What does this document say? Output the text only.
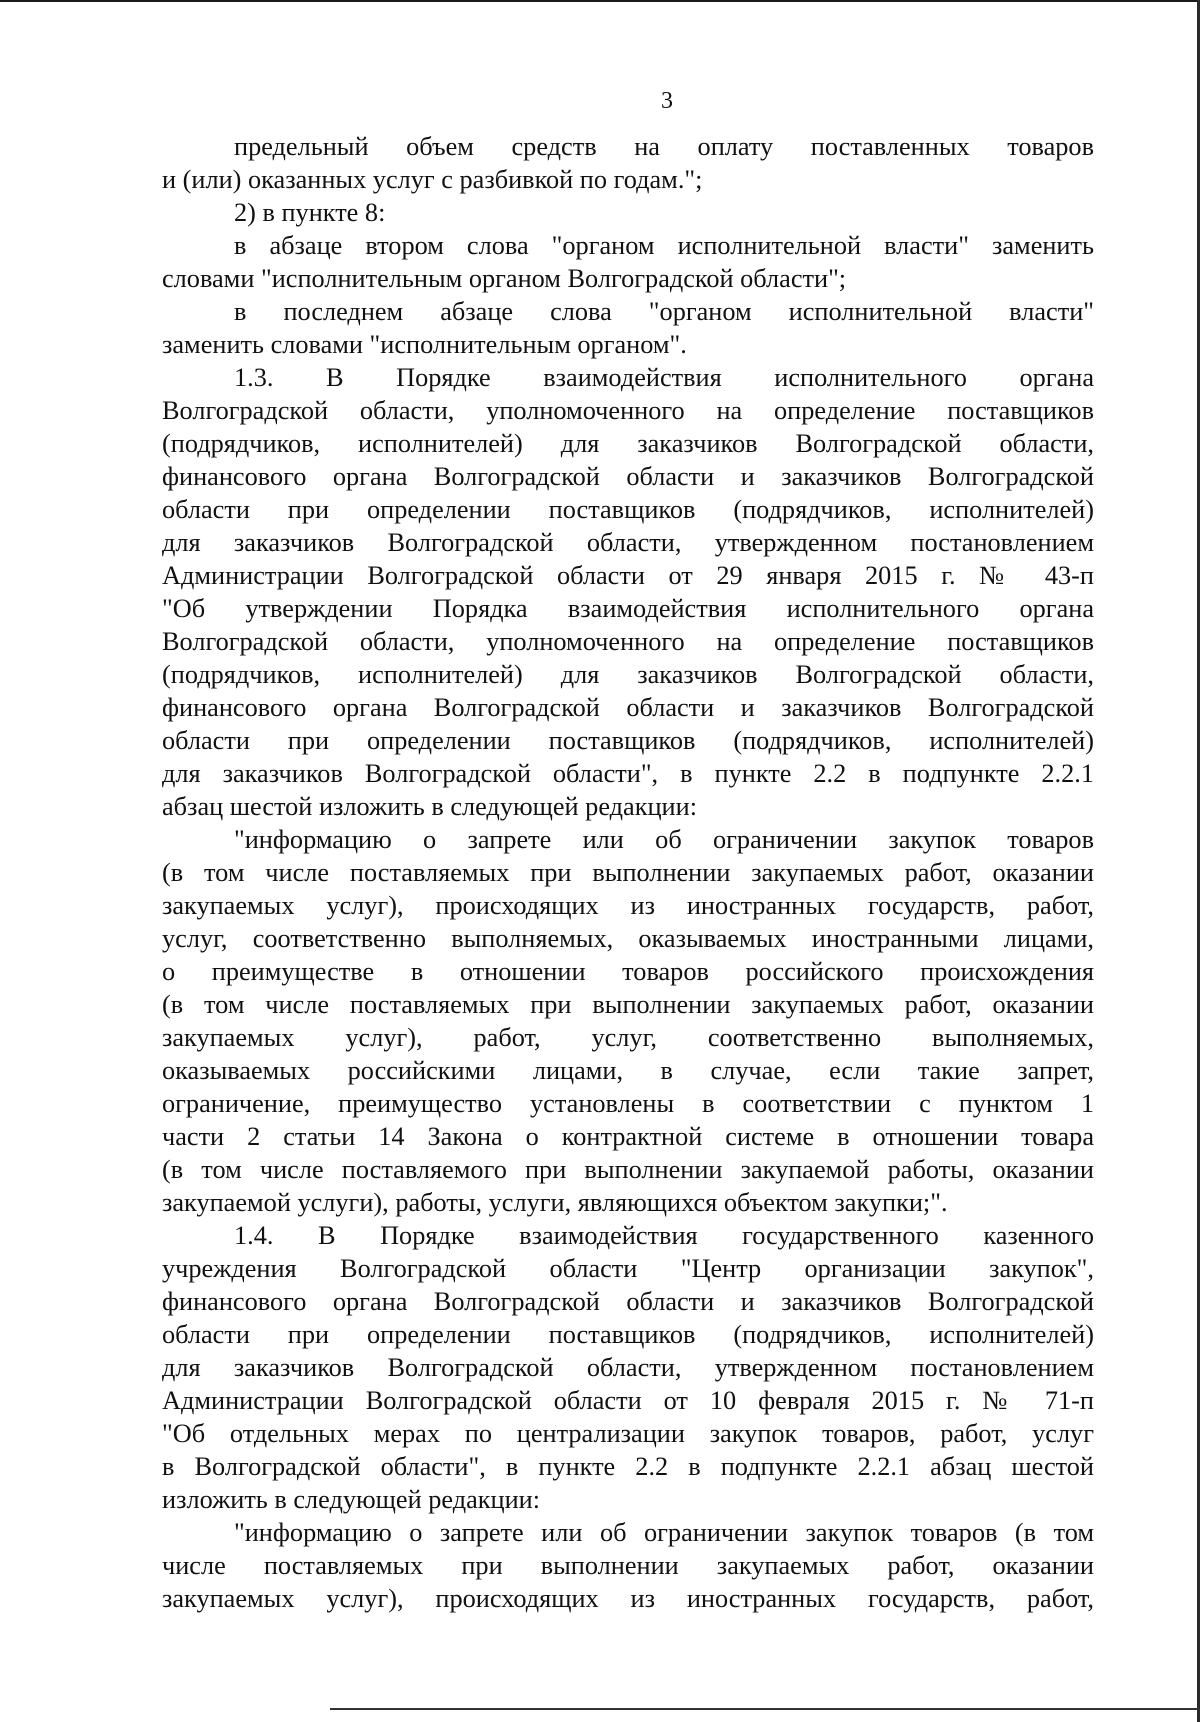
3
предельный объем средств на оплату поставленных товаров
и (или) оказанных услуг с разбивкой по годам.";
2) в пункте 8:
в абзаце втором слова "органом исполнительной власти" заменить
словами "исполнительным органом Волгоградской области";
в последнем абзаце слова "органом исполнительной власти"
заменить словами "исполнительным органом".
1.3. В Порядке взаимодействия исполнительного органа
Волгоградской области, уполномоченного на определение поставщиков
(подрядчиков, исполнителей) для заказчиков Волгоградской области,
финансового органа Волгоградской области и заказчиков Волгоградской
области при определении поставщиков (подрядчиков, исполнителей)
для заказчиков Волгоградской области, утвержденном постановлением
Администрации Волгоградской области от 29 января 2015 г. № 43-п
"Об утверждении Порядка взаимодействия исполнительного органа
Волгоградской области, уполномоченного на определение поставщиков
(подрядчиков, исполнителей) для заказчиков Волгоградской области,
финансового органа Волгоградской области и заказчиков Волгоградской
области при определении поставщиков (подрядчиков, исполнителей)
для заказчиков Волгоградской области", в пункте 2.2 в подпункте 2.2.1
абзац шестой изложить в следующей редакции:
"информацию о запрете или об ограничении закупок товаров
(в том числе поставляемых при выполнении закупаемых работ, оказании
закупаемых услуг), происходящих из иностранных государств, работ,
услуг, соответственно выполняемых, оказываемых иностранными лицами,
о преимуществе в отношении товаров российского происхождения
(в том числе поставляемых при выполнении закупаемых работ, оказании
закупаемых услуг), работ, услуг, соответственно выполняемых,
оказываемых российскими лицами, в случае, если такие запрет,
ограничение, преимущество установлены в соответствии с пунктом 1
части 2 статьи 14 Закона о контрактной системе в отношении товара
(в том числе поставляемого при выполнении закупаемой работы, оказании
закупаемой услуги), работы, услуги, являющихся объектом закупки;".
1.4. В Порядке взаимодействия государственного казенного
учреждения Волгоградской области "Центр организации закупок",
финансового органа Волгоградской области и заказчиков Волгоградской
области при определении поставщиков (подрядчиков, исполнителей)
для заказчиков Волгоградской области, утвержденном постановлением
Администрации Волгоградской области от 10 февраля 2015 г. № 71-п
"Об отдельных мерах по централизации закупок товаров, работ, услуг
в Волгоградской области", в пункте 2.2 в подпункте 2.2.1 абзац шестой
изложить в следующей редакции:
"информацию о запрете или об ограничении закупок товаров (в том
числе поставляемых при выполнении закупаемых работ, оказании
закупаемых услуг), происходящих из иностранных государств, работ,
